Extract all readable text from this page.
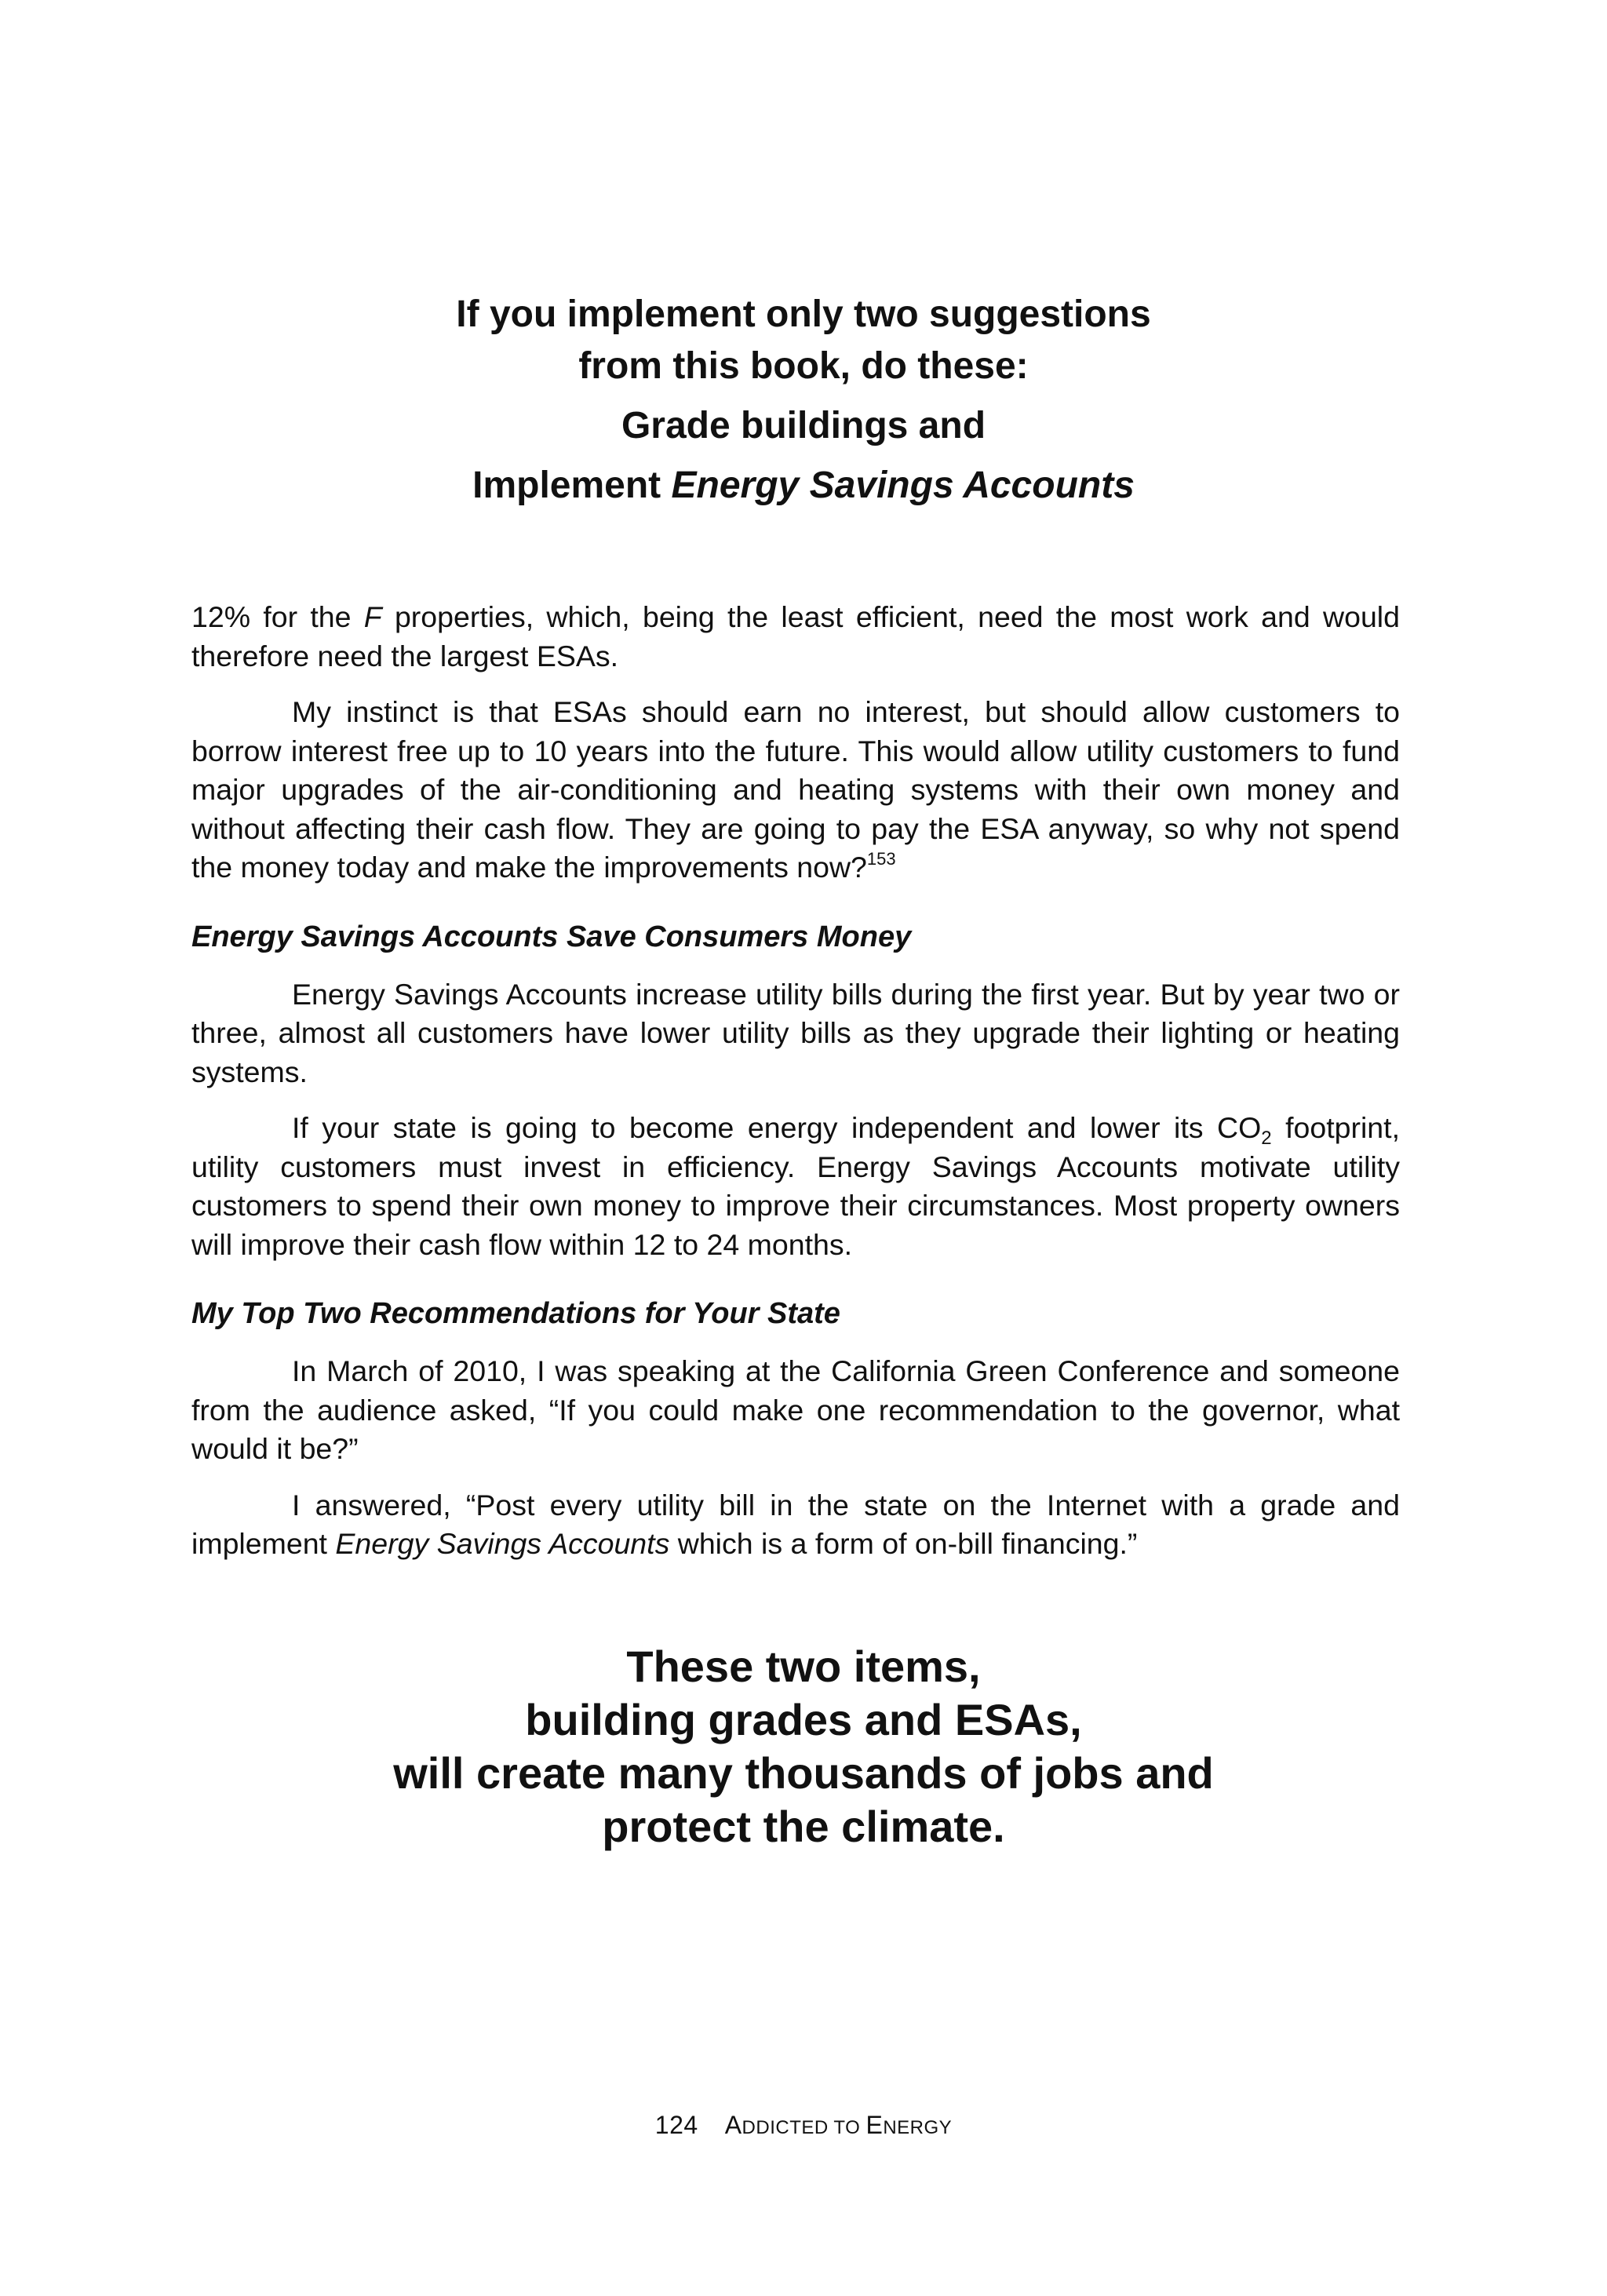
If you implement only two suggestions
from this book, do these:
Grade buildings and
Implement Energy Savings Accounts

12% for the F properties, which, being the least efficient, need the most work and would therefore need the largest ESAs.

My instinct is that ESAs should earn no interest, but should allow customers to borrow interest free up to 10 years into the future. This would allow utility customers to fund major upgrades of the air-conditioning and heating systems with their own money and without affecting their cash flow. They are going to pay the ESA anyway, so why not spend the money today and make the improvements now?$^{153}$

Energy Savings Accounts Save Consumers Money

Energy Savings Accounts increase utility bills during the first year. But by year two or three, almost all customers have lower utility bills as they upgrade their lighting or heating systems.

If your state is going to become energy independent and lower its $CO_2$ footprint, utility customers must invest in efficiency. Energy Savings Accounts motivate utility customers to spend their own money to improve their circumstances. Most property owners will improve their cash flow within 12 to 24 months.

My Top Two Recommendations for Your State

In March of 2010, I was speaking at the California Green Conference and someone from the audience asked, “If you could make one recommendation to the governor, what would it be?”

I answered, “Post every utility bill in the state on the Internet with a grade and implement Energy Savings Accounts which is a form of on-bill financing.”

These two items,
building grades and ESAs,
will create many thousands of jobs and
protect the climate.
124 ADDICTED TO ENERGY
